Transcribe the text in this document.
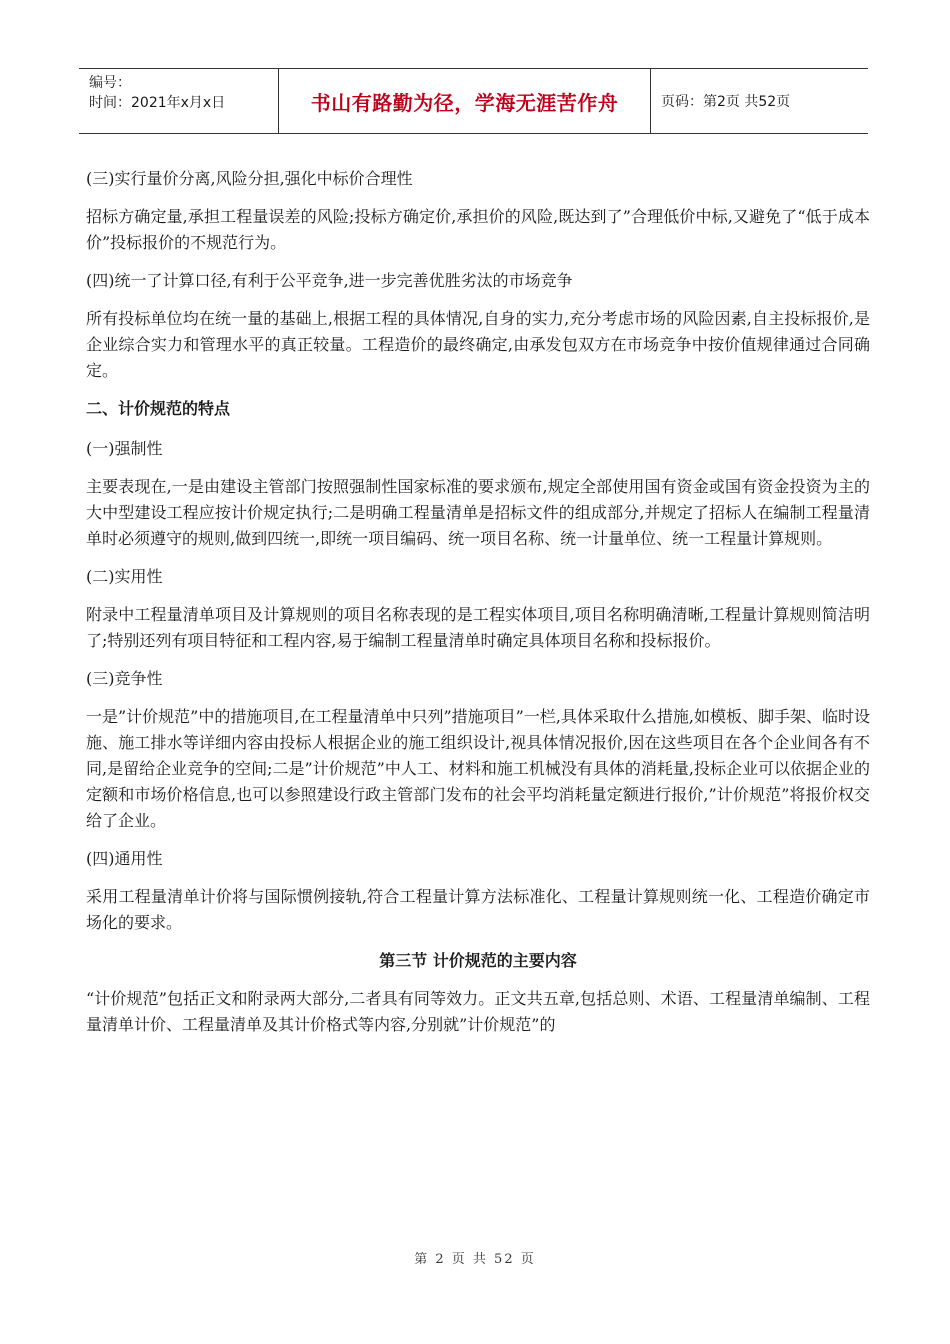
编号：
时间：2021年x月x日	书山有路勤为径，学海无涯苦作舟	页码：第2页 共52页

(三)实行量价分离,风险分担,强化中标价合理性

招标方确定量,承担工程量误差的风险;投标方确定价,承担价的风险,既达到了”合理低价中标,又避免了“低于成本价”投标报价的不规范行为。

(四)统一了计算口径,有利于公平竞争,进一步完善优胜劣汰的市场竞争

所有投标单位均在统一量的基础上,根据工程的具体情况,自身的实力,充分考虑市场的风险因素,自主投标报价,是企业综合实力和管理水平的真正较量。工程造价的最终确定,由承发包双方在市场竞争中按价值规律通过合同确定。

二、计价规范的特点

(一)强制性

主要表现在,一是由建设主管部门按照强制性国家标准的要求颁布,规定全部使用国有资金或国有资金投资为主的大中型建设工程应按计价规定执行;二是明确工程量清单是招标文件的组成部分,并规定了招标人在编制工程量清单时必须遵守的规则,做到四统一,即统一项目编码、统一项目名称、统一计量单位、统一工程量计算规则。

(二)实用性

附录中工程量清单项目及计算规则的项目名称表现的是工程实体项目,项目名称明确清晰,工程量计算规则简洁明了;特别还列有项目特征和工程内容,易于编制工程量清单时确定具体项目名称和投标报价。

(三)竞争性

一是”计价规范”中的措施项目,在工程量清单中只列”措施项目”一栏,具体采取什么措施,如模板、脚手架、临时设施、施工排水等详细内容由投标人根据企业的施工组织设计,视具体情况报价,因在这些项目在各个企业间各有不同,是留给企业竞争的空间;二是”计价规范”中人工、材料和施工机械没有具体的消耗量,投标企业可以依据企业的定额和市场价格信息,也可以参照建设行政主管部门发布的社会平均消耗量定额进行报价,”计价规范”将报价权交给了企业。

(四)通用性

采用工程量清单计价将与国际惯例接轨,符合工程量计算方法标准化、工程量计算规则统一化、工程造价确定市场化的要求。

第三节 计价规范的主要内容

“计价规范”包括正文和附录两大部分,二者具有同等效力。正文共五章,包括总则、术语、工程量清单编制、工程量清单计价、工程量清单及其计价格式等内容,分别就”计价规范”的

第 2 页 共 52 页
